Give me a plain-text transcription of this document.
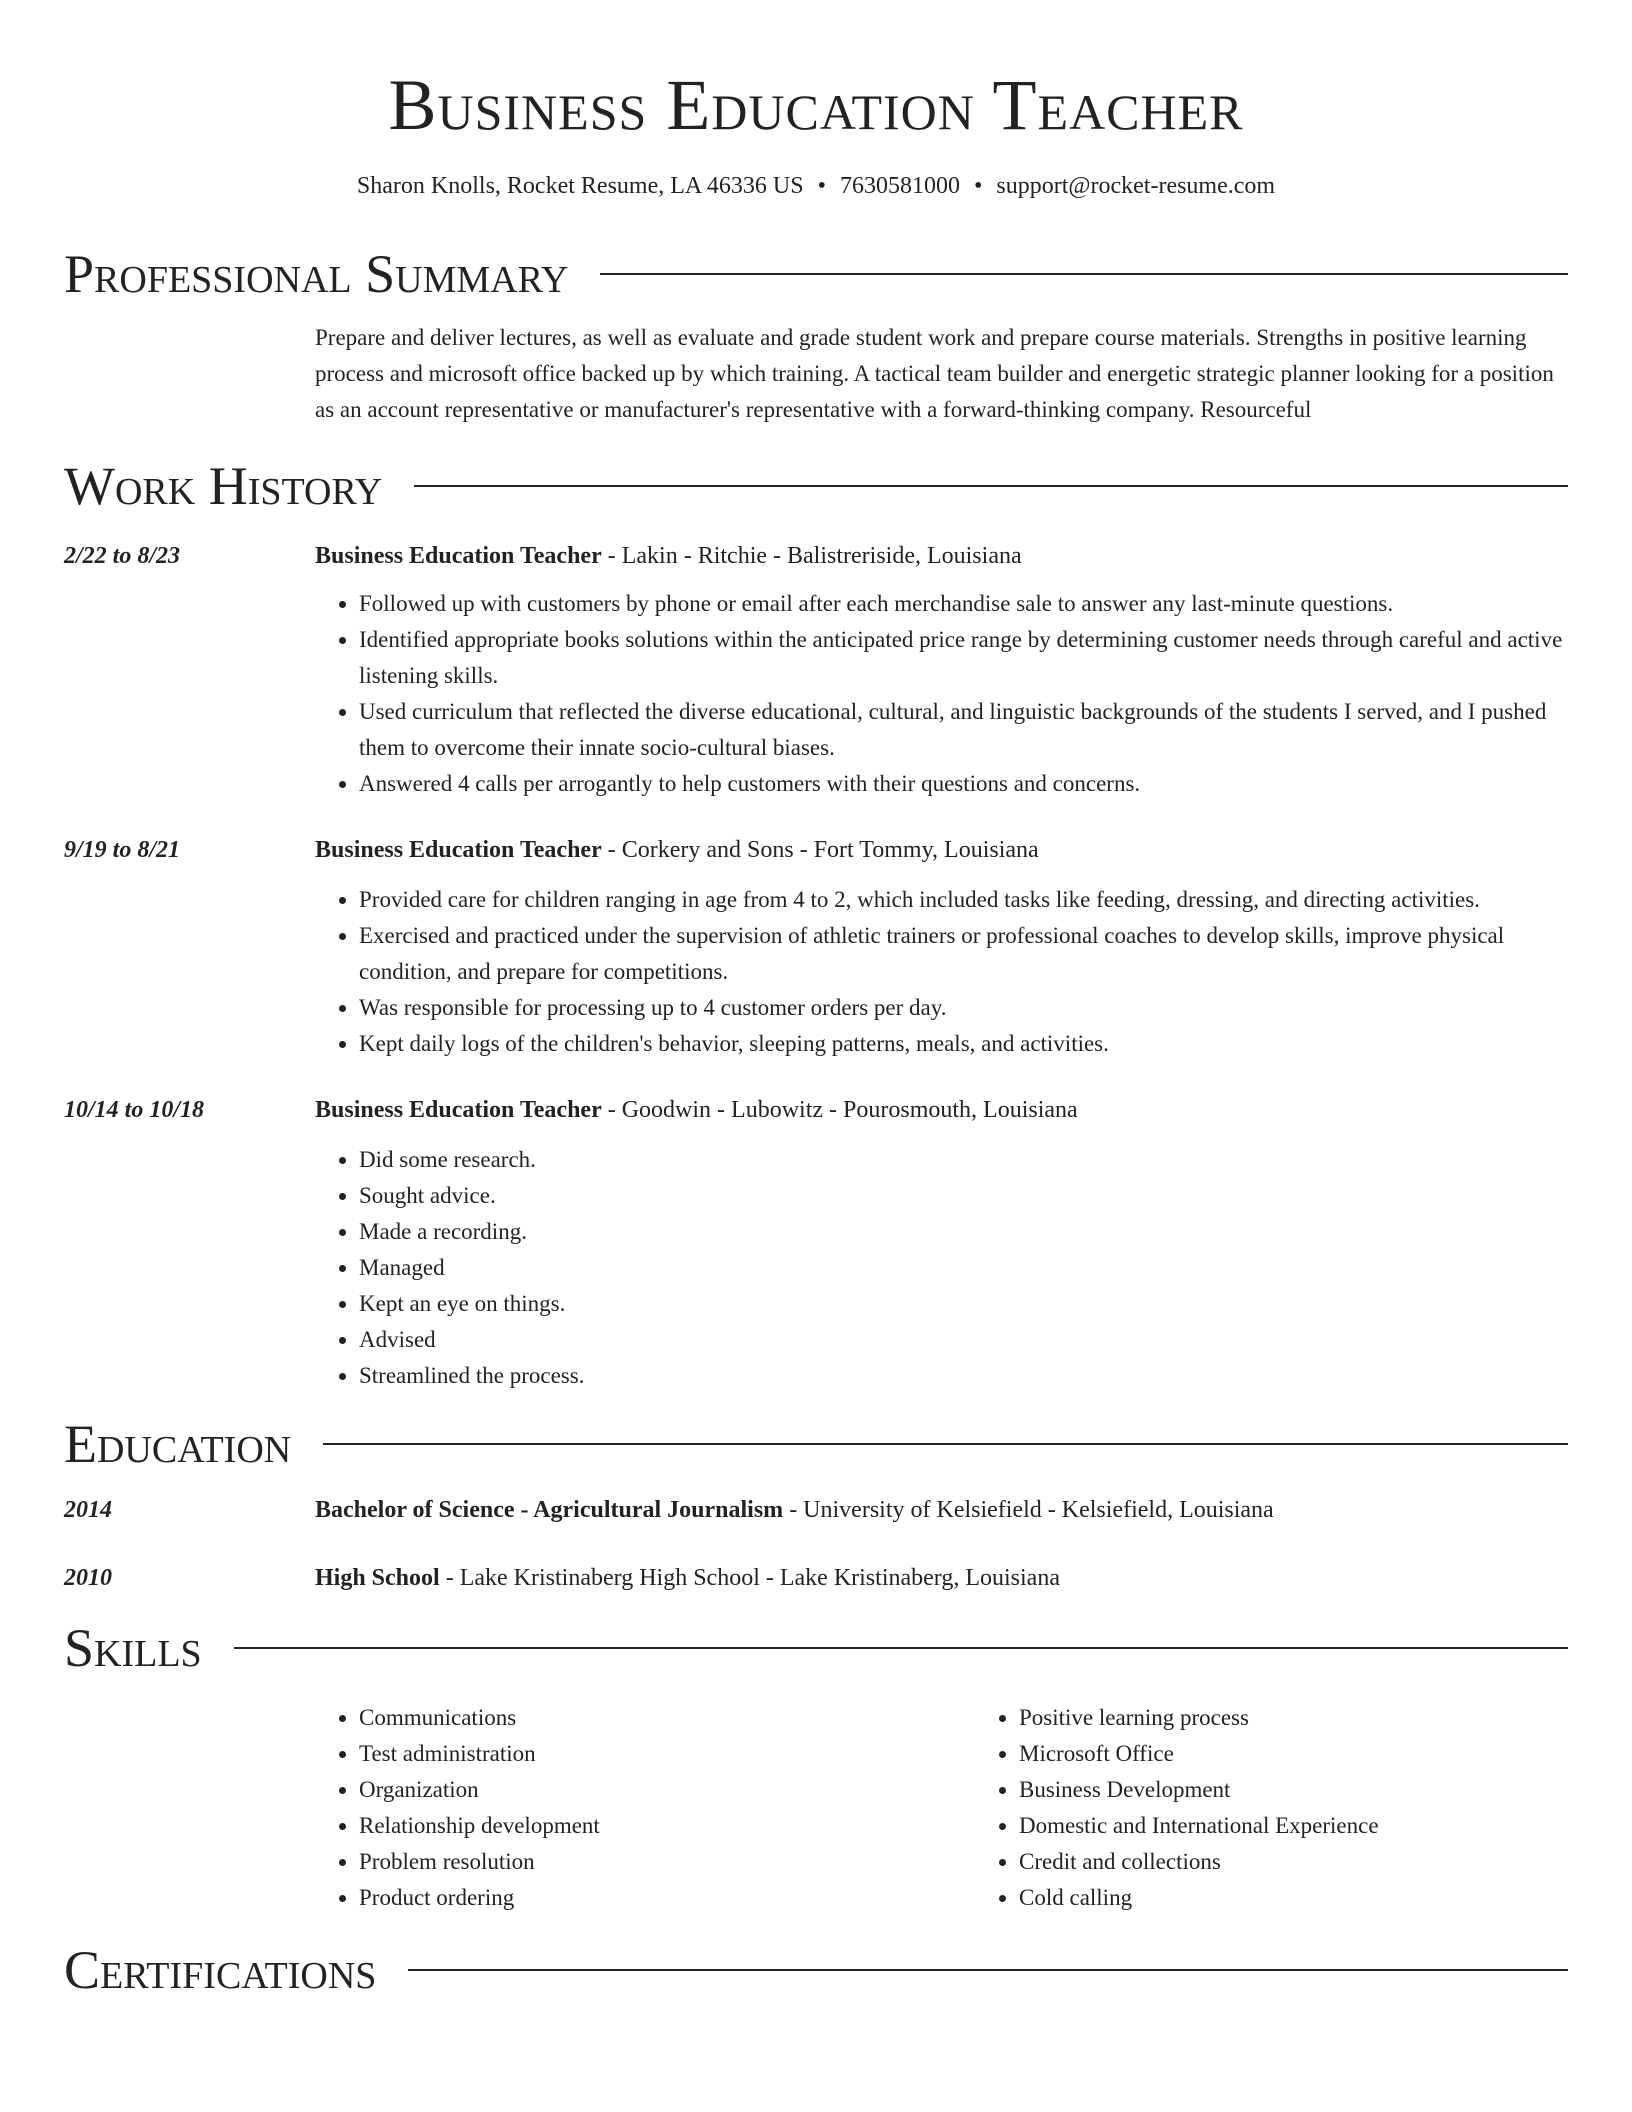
Business Education Teacher
Sharon Knolls, Rocket Resume, LA 46336 US • 7630581000 • support@rocket-resume.com
Professional Summary

Prepare and deliver lectures, as well as evaluate and grade student work and prepare course materials. Strengths in positive learning process and microsoft office backed up by which training. A tactical team builder and energetic strategic planner looking for a position as an account representative or manufacturer's representative with a forward-thinking company. Resourceful

Work History
2/22 to 8/23	Business Education Teacher - Lakin - Ritchie - Balistreriside, Louisiana
• Followed up with customers by phone or email after each merchandise sale to answer any last-minute questions.
• Identified appropriate books solutions within the anticipated price range by determining customer needs through careful and active listening skills.
• Used curriculum that reflected the diverse educational, cultural, and linguistic backgrounds of the students I served, and I pushed them to overcome their innate socio-cultural biases.
• Answered 4 calls per arrogantly to help customers with their questions and concerns.
9/19 to 8/21	Business Education Teacher - Corkery and Sons - Fort Tommy, Louisiana
• Provided care for children ranging in age from 4 to 2, which included tasks like feeding, dressing, and directing activities.
• Exercised and practiced under the supervision of athletic trainers or professional coaches to develop skills, improve physical condition, and prepare for competitions.
• Was responsible for processing up to 4 customer orders per day.
• Kept daily logs of the children's behavior, sleeping patterns, meals, and activities.
10/14 to 10/18	Business Education Teacher - Goodwin - Lubowitz - Pourosmouth, Louisiana
• Did some research.
• Sought advice.
• Made a recording.
• Managed
• Kept an eye on things.
• Advised
• Streamlined the process.
Education
2014	Bachelor of Science - Agricultural Journalism - University of Kelsiefield - Kelsiefield, Louisiana
2010	High School - Lake Kristinaberg High School - Lake Kristinaberg, Louisiana
Skills
• Communications
• Test administration
• Organization
• Relationship development
• Problem resolution
• Product ordering
• Positive learning process
• Microsoft Office
• Business Development
• Domestic and International Experience
• Credit and collections
• Cold calling
Certifications
